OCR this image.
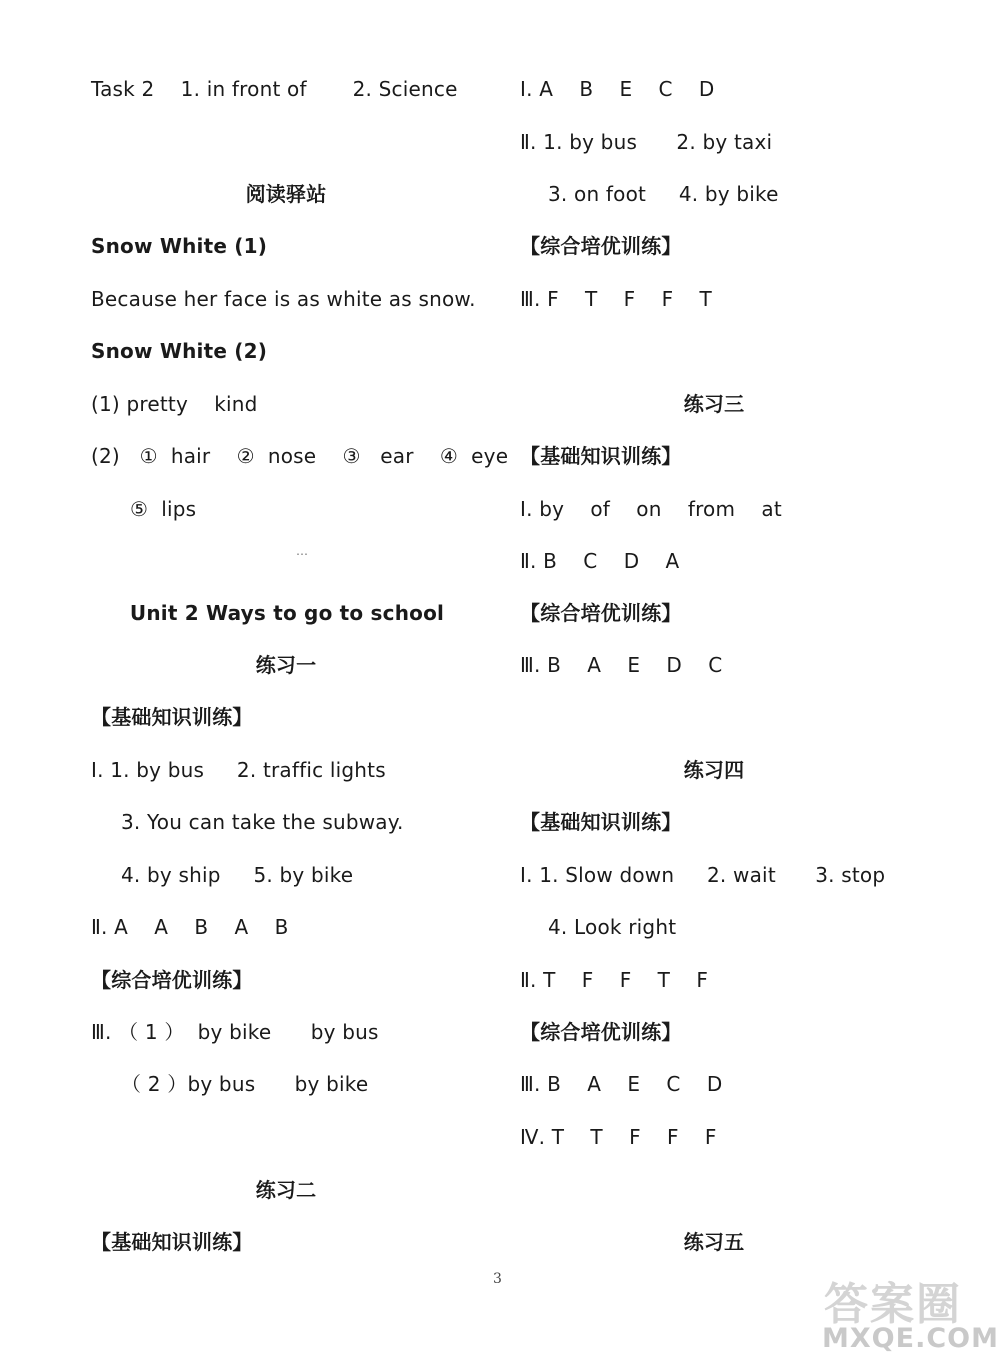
Task 2    1. in front of       2. Science
阅读驿站
Snow White (1)
Because her face is as white as snow.
Snow White (2)
(1) pretty    kind
(2)   ①  hair    ②  nose    ③   ear    ④  eye
⑤  lips
…
Unit 2 Ways to go to school
练习一
【基础知识训练】
Ⅰ. 1. by bus     2. traffic lights
3. You can take the subway.
4. by ship     5. by bike
Ⅱ. A    A    B    A    B
【综合培优训练】
Ⅲ. （ 1 ）  by bike      by bus
（ 2 ）by bus      by bike
练习二
【基础知识训练】
Ⅰ. A    B    E    C    D
Ⅱ. 1. by bus      2. by taxi
3. on foot     4. by bike
【综合培优训练】
Ⅲ. F    T    F    F    T
练习三
【基础知识训练】
Ⅰ. by    of    on    from    at
Ⅱ. B    C    D    A
【综合培优训练】
Ⅲ. B    A    E    D    C
练习四
【基础知识训练】
Ⅰ. 1. Slow down     2. wait      3. stop
4. Look right
Ⅱ. T    F    F    T    F
【综合培优训练】
Ⅲ. B    A    E    C    D
Ⅳ. T    T    F    F    F
练习五
3	答案圈
MXQE.COM
